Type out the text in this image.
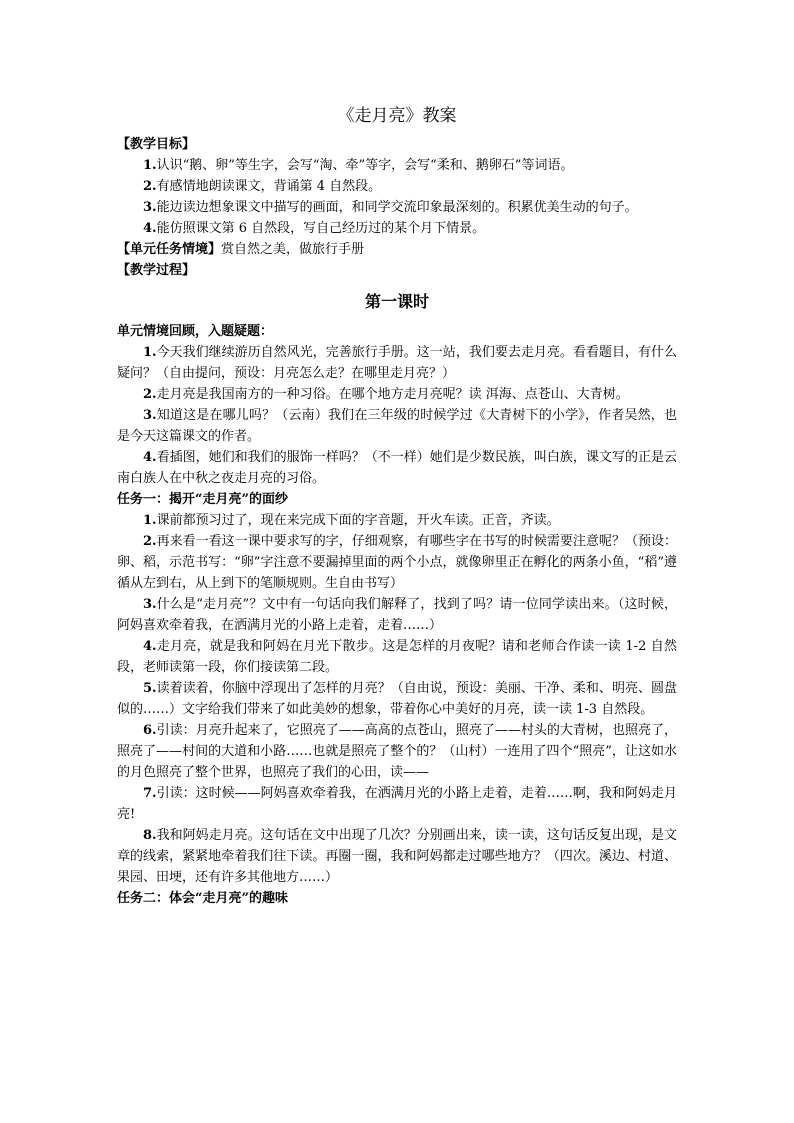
《走月亮》教案
【教学目标】

1.认识“鹅、卵”等生字，会写“淘、牵”等字，会写“柔和、鹅卵石”等词语。

2.有感情地朗读课文，背诵第 4 自然段。

3.能边读边想象课文中描写的画面，和同学交流印象最深刻的。积累优美生动的句子。

4.能仿照课文第 6 自然段，写自己经历过的某个月下情景。

【单元任务情境】赏自然之美，做旅行手册
【教学过程】
第一课时
单元情境回顾，入题疑题：

1.今天我们继续游历自然风光，完善旅行手册。这一站，我们要去走月亮。看看题目，有什么疑问？（自由提问，预设：月亮怎么走？在哪里走月亮？）

2.走月亮是我国南方的一种习俗。在哪个地方走月亮呢？读 洱海、点苍山、大青树。

3.知道这是在哪儿吗？（云南）我们在三年级的时候学过《大青树下的小学》，作者吴然，也是今天这篇课文的作者。

4.看插图，她们和我们的服饰一样吗？（不一样）她们是少数民族，叫白族，课文写的正是云南白族人在中秋之夜走月亮的习俗。

任务一：揭开“走月亮”的面纱

1.课前都预习过了，现在来完成下面的字音题，开火车读。正音，齐读。

2.再来看一看这一课中要求写的字，仔细观察，有哪些字在书写的时候需要注意呢？（预设：卵、稻，示范书写：“卵”字注意不要漏掉里面的两个小点，就像卵里正在孵化的两条小鱼，“稻”遵循从左到右，从上到下的笔顺规则。生自由书写）

3.什么是“走月亮”？文中有一句话向我们解释了，找到了吗？请一位同学读出来。（这时候，阿妈喜欢牵着我，在洒满月光的小路上走着，走着……）

4.走月亮，就是我和阿妈在月光下散步。这是怎样的月夜呢？请和老师合作读一读 1-2 自然段，老师读第一段，你们接读第二段。

5.读着读着，你脑中浮现出了怎样的月亮？（自由说，预设：美丽、干净、柔和、明亮、圆盘似的……）文字给我们带来了如此美妙的想象，带着你心中美好的月亮，读一读 1-3 自然段。

6.引读：月亮升起来了，它照亮了——高高的点苍山，照亮了——村头的大青树，也照亮了，照亮了——村间的大道和小路……也就是照亮了整个的？（山村）一连用了四个“照亮”，让这如水的月色照亮了整个世界，也照亮了我们的心田，读——

7.引读：这时候——阿妈喜欢牵着我，在洒满月光的小路上走着，走着……啊，我和阿妈走月亮!

8.我和阿妈走月亮。这句话在文中出现了几次？分别画出来，读一读，这句话反复出现，是文章的线索，紧紧地牵着我们往下读。再圈一圈，我和阿妈都走过哪些地方？（四次。溪边、村道、果园、田埂，还有许多其他地方……）

任务二：体会“走月亮”的趣味
